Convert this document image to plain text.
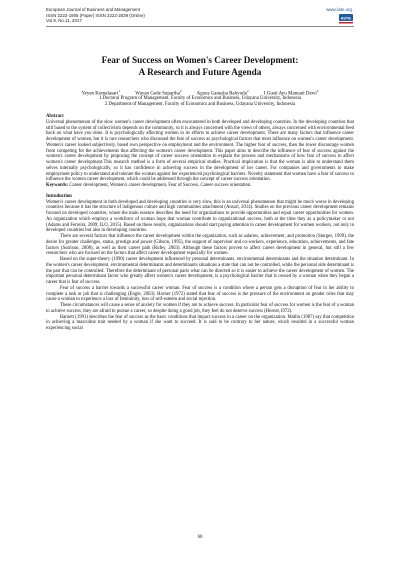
European Journal of Business and Management
ISSN 2222-1905 (Paper) ISSN 2222-2839 (Online)
Vol.9, No.11, 2017
www.iiste.org
IISTE
Fear of Success on Women's Career Development:
A Research and Future Agenda
Yeyen Komalasari$^1$ Wayan Gede Supartha$^2$ Agoes Ganesha Rahyuda$^2$ I Gusti Ayu Manuati Dewi$^2$
1.Doctoral Program of Management, Faculty of Economics and Business, Udayana University, Indonesia
2.Department of Management, Faculty of Economics and Business, Udayana University, Indonesia

Abstract

Universal phenomenon of the slow women's career development often encountered in both developed and developing countries. In the developing countries that still based to the system of collectivism depends on the community, so it is always concerned with the views of others, always concerned with environmental feed back on what have you done. It is psychologically affecting women in its efforts to achieve career development. There are many factors that influence career development of women, but it is rare researchers who discussed the fear of success as psychological factors that most influence on women's career development. Women's career looked subjectively, based own perspective on employment and the environment. The higher fear of success, then the lower discourage women from competing for the achievements thus affecting the women's career development. This paper aims to describe the influence of fear of success against the women's career development by proposing the concept of career success orientation to explain the process and mechanisms of how fear of success to affect women's career development.This research method is a form of several empirical studies. Practical implication is that the woman is able to understand them selves internally psychologically, so it has confidence in achieving success in the development of her career. For companies and governments to make employment policy to understand and tolerate the woman against her experienced psychological barriers. Novelty statement that women have a fear of success to influence the women career development, which could be addressed through the concept of career success orientation.

Keywords: Career development, Women's career development, Fear of Success, Career success orientation.

Introduction

Women's career development in both developed and developing countries is very slow, this is an universal phenomenon that might be much worse in developing countries because it has the structure of indigenous culture and high communities attachment (Ansari, 2014). Studies on the previous career development remains focused on developed countries, where the main essence describes the need for organizations to provide opportunities and equal career opportunities for women. An organization which employs a workforce of woman hope that woman contribute to organizational success, both at the time they as a policymaker or not (Adams and Ferreira, 2009; ILO, 2015). Based on these results, organizations should start paying attention to career development for women workers, not only in developed countries but also in developing countries.

There are several factors that influence the career development within the organization, such as salaries, achievement, and promotion (Sturges, 1999), the desire for greater challenges, status, prestige and power (Gibson, 1995), the support of supervisor and co-workers, experience, education, achievements, and fate factors (Sutrisno, 2008), as well as their career path (Rufey, 2003). Although these factors proven to affect career development in general, but still a few researchers who are focused on the factors that affect career development especially for women.

Based on the super-theory (1990) career development influenced by personal determinants, environmental determinants and the situation determinant. In the women's career development, environmental determinants and determinants situations a state that can not be controlled, while the personal side determinant is the part that can be controlled. Therefore the determinant of personal parts what can be directed so it is easier to achieve the career development of women. The important personal determinant factor who greatly affect women's career development, is a psychological barrier that is owned by a woman when they began a career that is fear of success.

Fear of success a barrier towards a successful career woman. Fear of success is a condition where a person gets a disruption of fear in her ability to complete a task or job that is challenging (Engle, 2003). Horner (1972) stated that fear of success is the pressure of the environment on gender roles that may cause a woman to experience a loss of femininity, loss of self-esteem and social rejection.

These circumstances will cause a sense of anxiety for women if they are to achieve success. In particular fear of success for women is the fear of a woman to achieve success, they are afraid to pursue a career, so despite doing a good job, they feel do not deserve success (Horner,1972).

Barnett (1991) describes the fear of success as the basic conditions that impact success in a career on the organization. Matlin (1987) say that competition in achieving a masculine trait needed by a woman if she want to succeed. It is said to be contrary to her nature, which resulted in a successful woman experiencing social

60
